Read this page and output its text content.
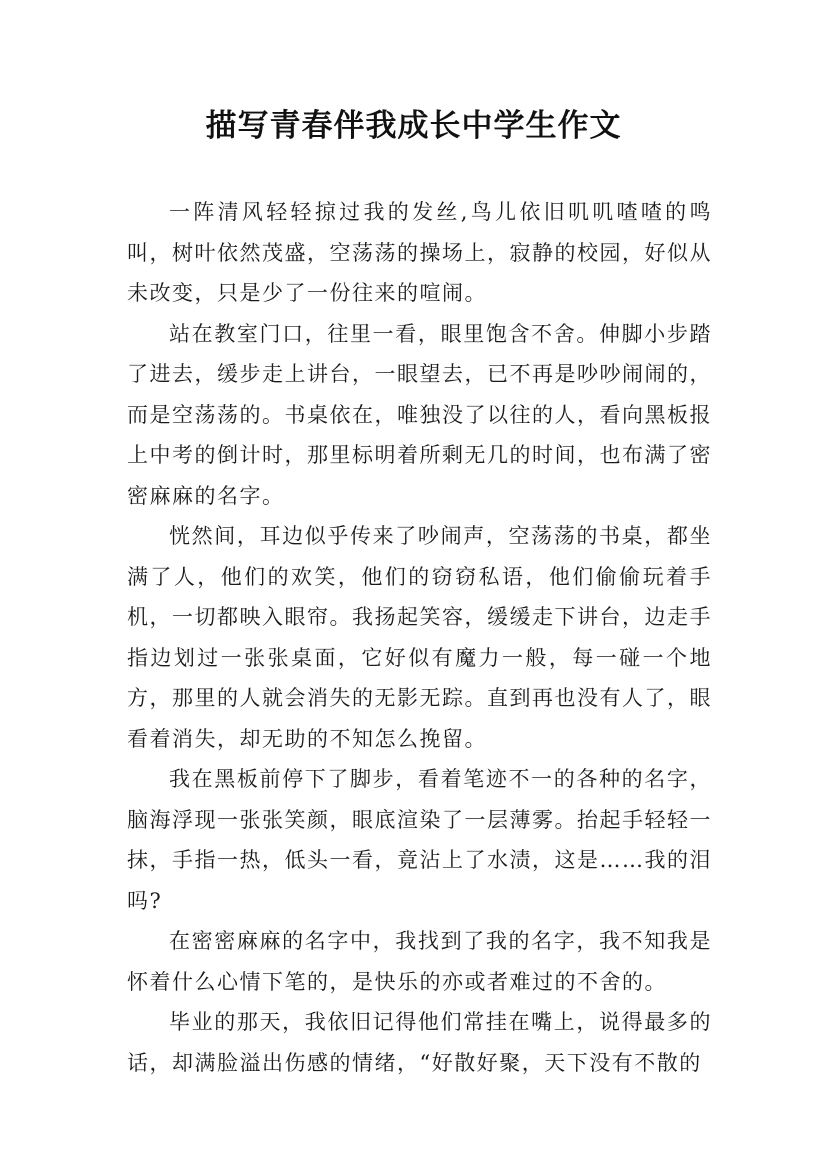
描写青春伴我成长中学生作文

一阵清风轻轻掠过我的发丝,鸟儿依旧叽叽喳喳的鸣叫，树叶依然茂盛，空荡荡的操场上，寂静的校园，好似从未改变，只是少了一份往来的喧闹。

站在教室门口，往里一看，眼里饱含不舍。伸脚小步踏了进去，缓步走上讲台，一眼望去，已不再是吵吵闹闹的，而是空荡荡的。书桌依在，唯独没了以往的人，看向黑板报上中考的倒计时，那里标明着所剩无几的时间，也布满了密密麻麻的名字。

恍然间，耳边似乎传来了吵闹声，空荡荡的书桌，都坐满了人，他们的欢笑，他们的窃窃私语，他们偷偷玩着手机，一切都映入眼帘。我扬起笑容，缓缓走下讲台，边走手指边划过一张张桌面，它好似有魔力一般，每一碰一个地方，那里的人就会消失的无影无踪。直到再也没有人了，眼看着消失，却无助的不知怎么挽留。

我在黑板前停下了脚步，看着笔迹不一的各种的名字，脑海浮现一张张笑颜，眼底渲染了一层薄雾。抬起手轻轻一抹，手指一热，低头一看，竟沾上了水渍，这是……我的泪吗?

在密密麻麻的名字中，我找到了我的名字，我不知我是怀着什么心情下笔的，是快乐的亦或者难过的不舍的。

毕业的那天，我依旧记得他们常挂在嘴上，说得最多的话，却满脸溢出伤感的情绪，“好散好聚，天下没有不散的
